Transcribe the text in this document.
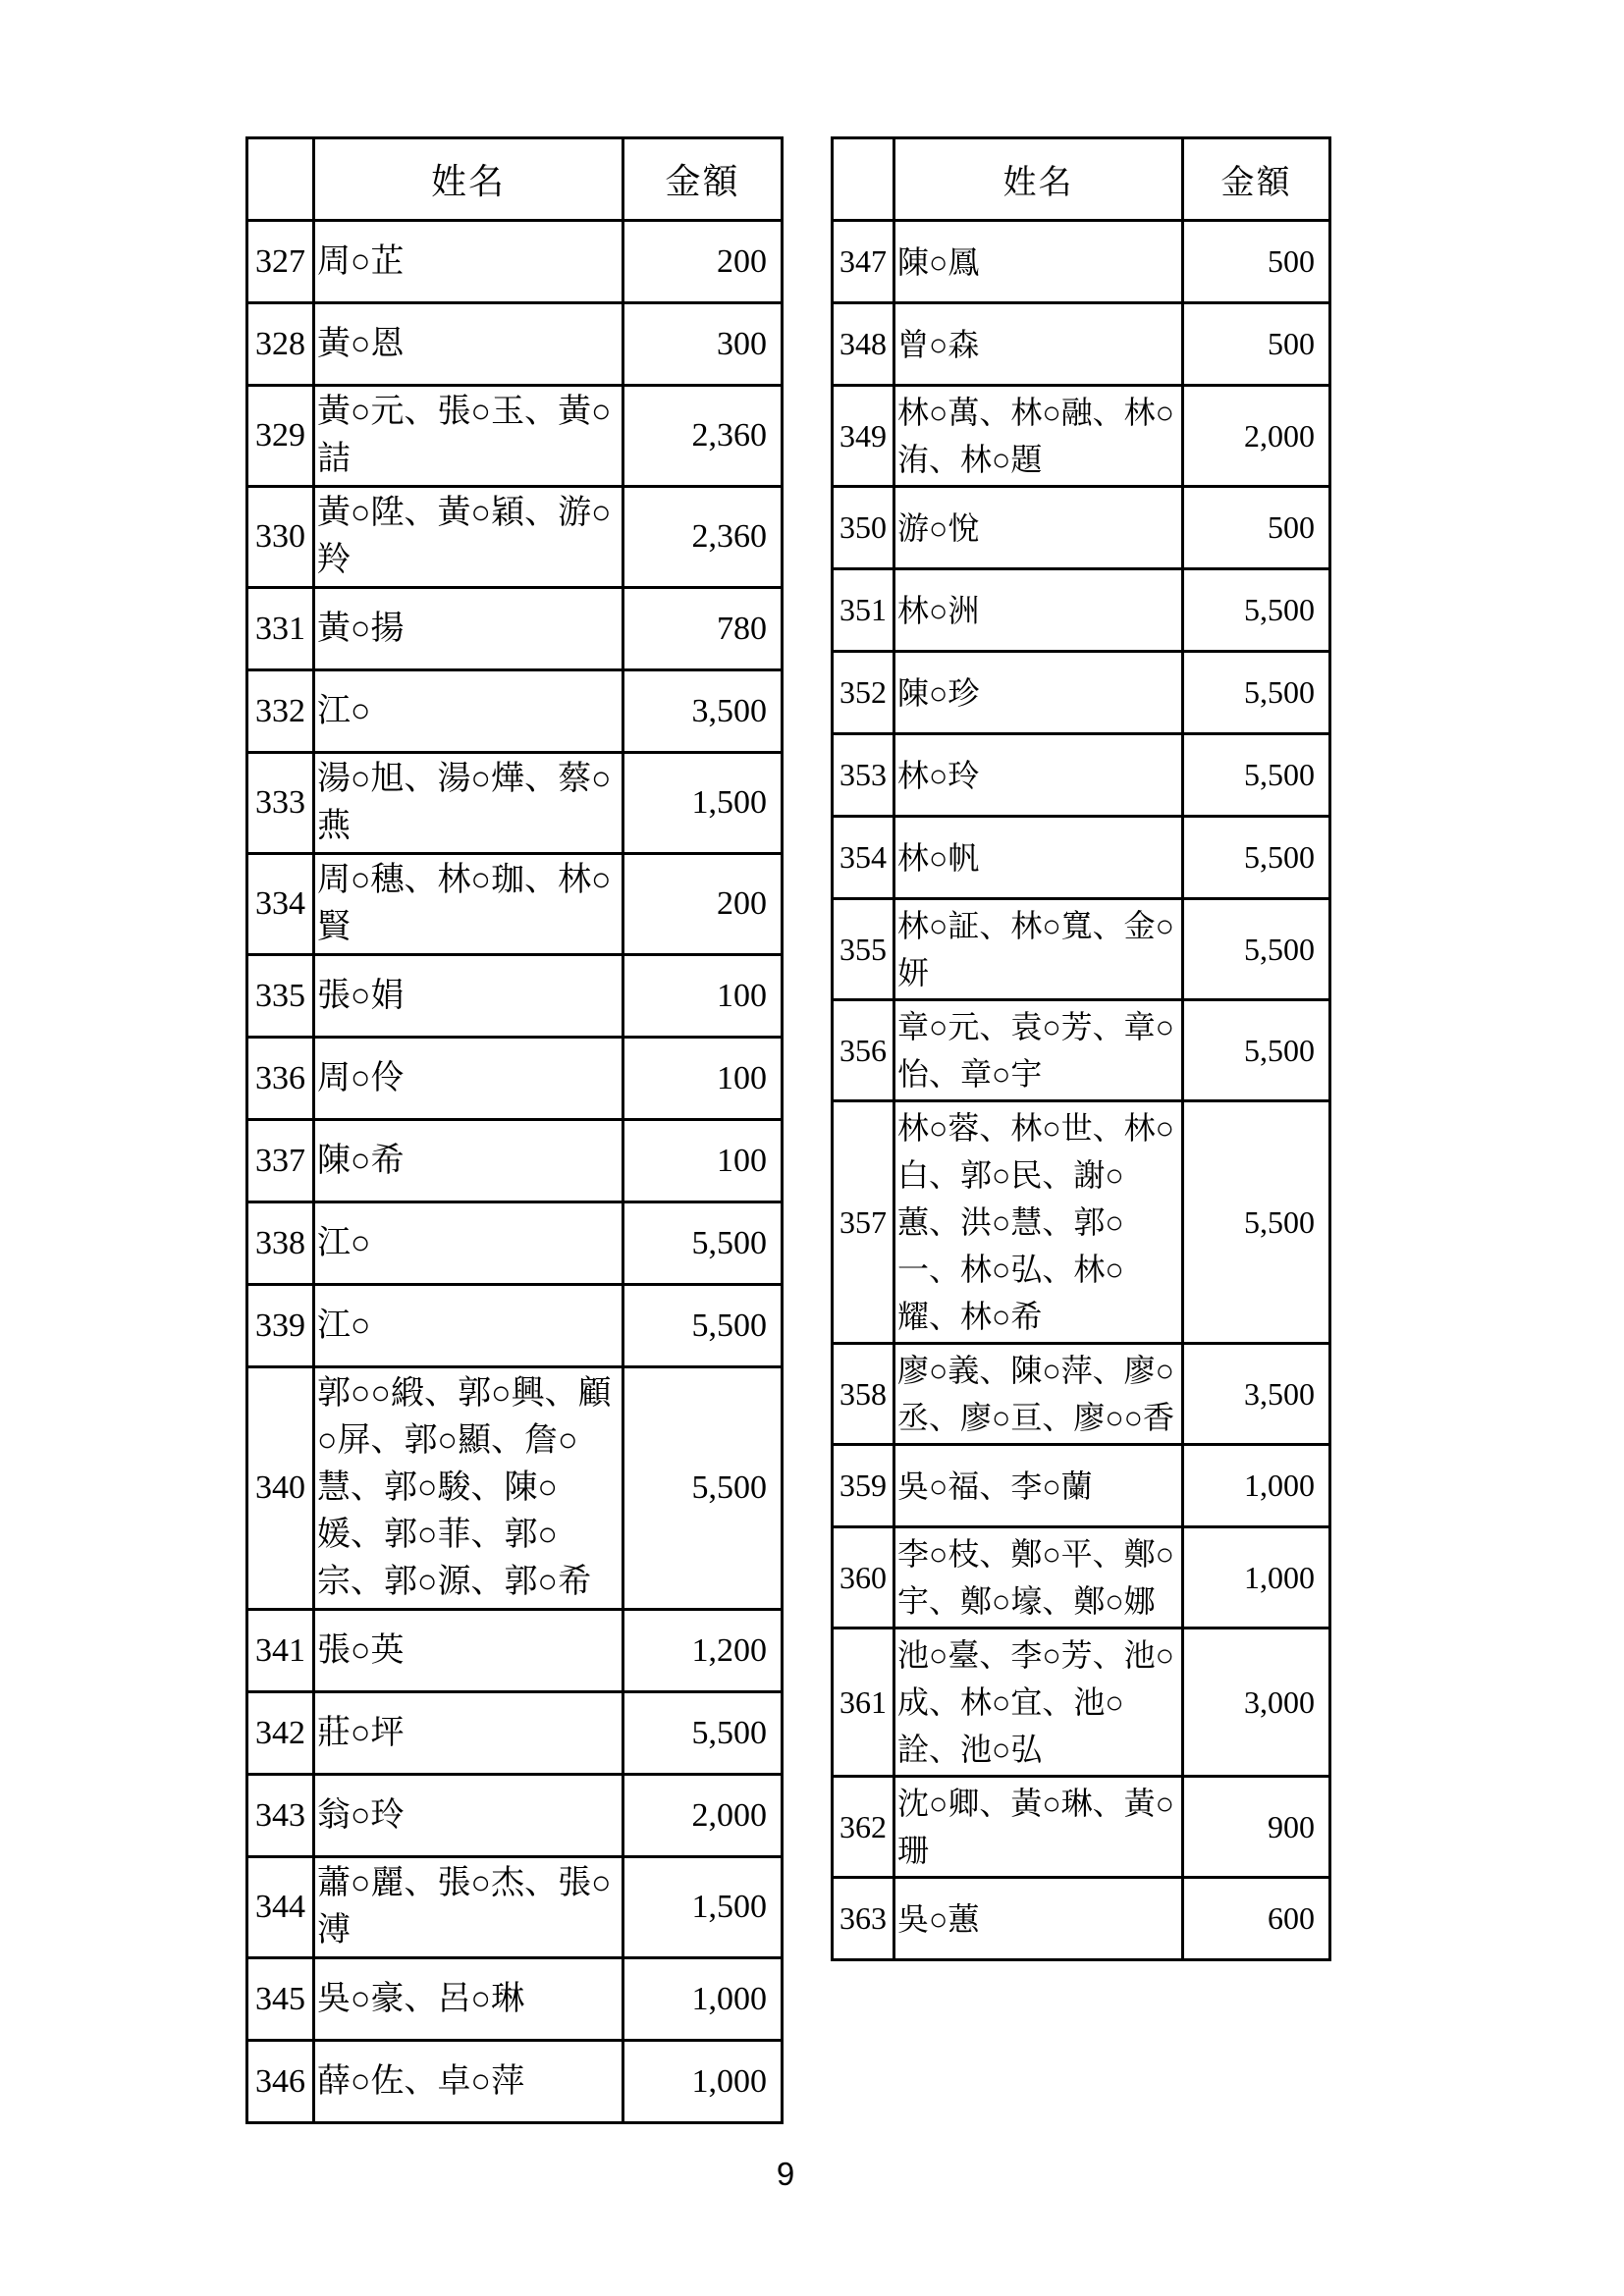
	姓名	金額
327	周○芷	200
328	黃○恩	300
329	黃○元、張○玉、黃○詰	2,360
330	黃○陞、黃○穎、游○羚	2,360
331	黃○揚	780
332	江○	3,500
333	湯○旭、湯○燁、蔡○燕	1,500
334	周○穗、林○珈、林○賢	200
335	張○娟	100
336	周○伶	100
337	陳○希	100
338	江○	5,500
339	江○	5,500
340	郭○○緞、郭○興、顧○屏、郭○顯、詹○慧、郭○駿、陳○媛、郭○菲、郭○宗、郭○源、郭○希	5,500
341	張○英	1,200
342	莊○坪	5,500
343	翁○玲	2,000
344	蕭○麗、張○杰、張○溥	1,500
345	吳○豪、呂○琳	1,000
346	薛○佐、卓○萍	1,000
	姓名	金額
347	陳○鳳	500
348	曾○森	500
349	林○萬、林○融、林○洧、林○題	2,000
350	游○悅	500
351	林○洲	5,500
352	陳○珍	5,500
353	林○玲	5,500
354	林○帆	5,500
355	林○証、林○寬、金○妍	5,500
356	章○元、袁○芳、章○怡、章○宇	5,500
357	林○蓉、林○世、林○白、郭○民、謝○蕙、洪○慧、郭○一、林○弘、林○耀、林○希	5,500
358	廖○義、陳○萍、廖○丞、廖○亘、廖○○香	3,500
359	吳○福、李○蘭	1,000
360	李○枝、鄭○平、鄭○宇、鄭○壕、鄭○娜	1,000
361	池○臺、李○芳、池○成、林○宜、池○詮、池○弘	3,000
362	沈○卿、黃○琳、黃○珊	900
363	吳○蕙	600
9
